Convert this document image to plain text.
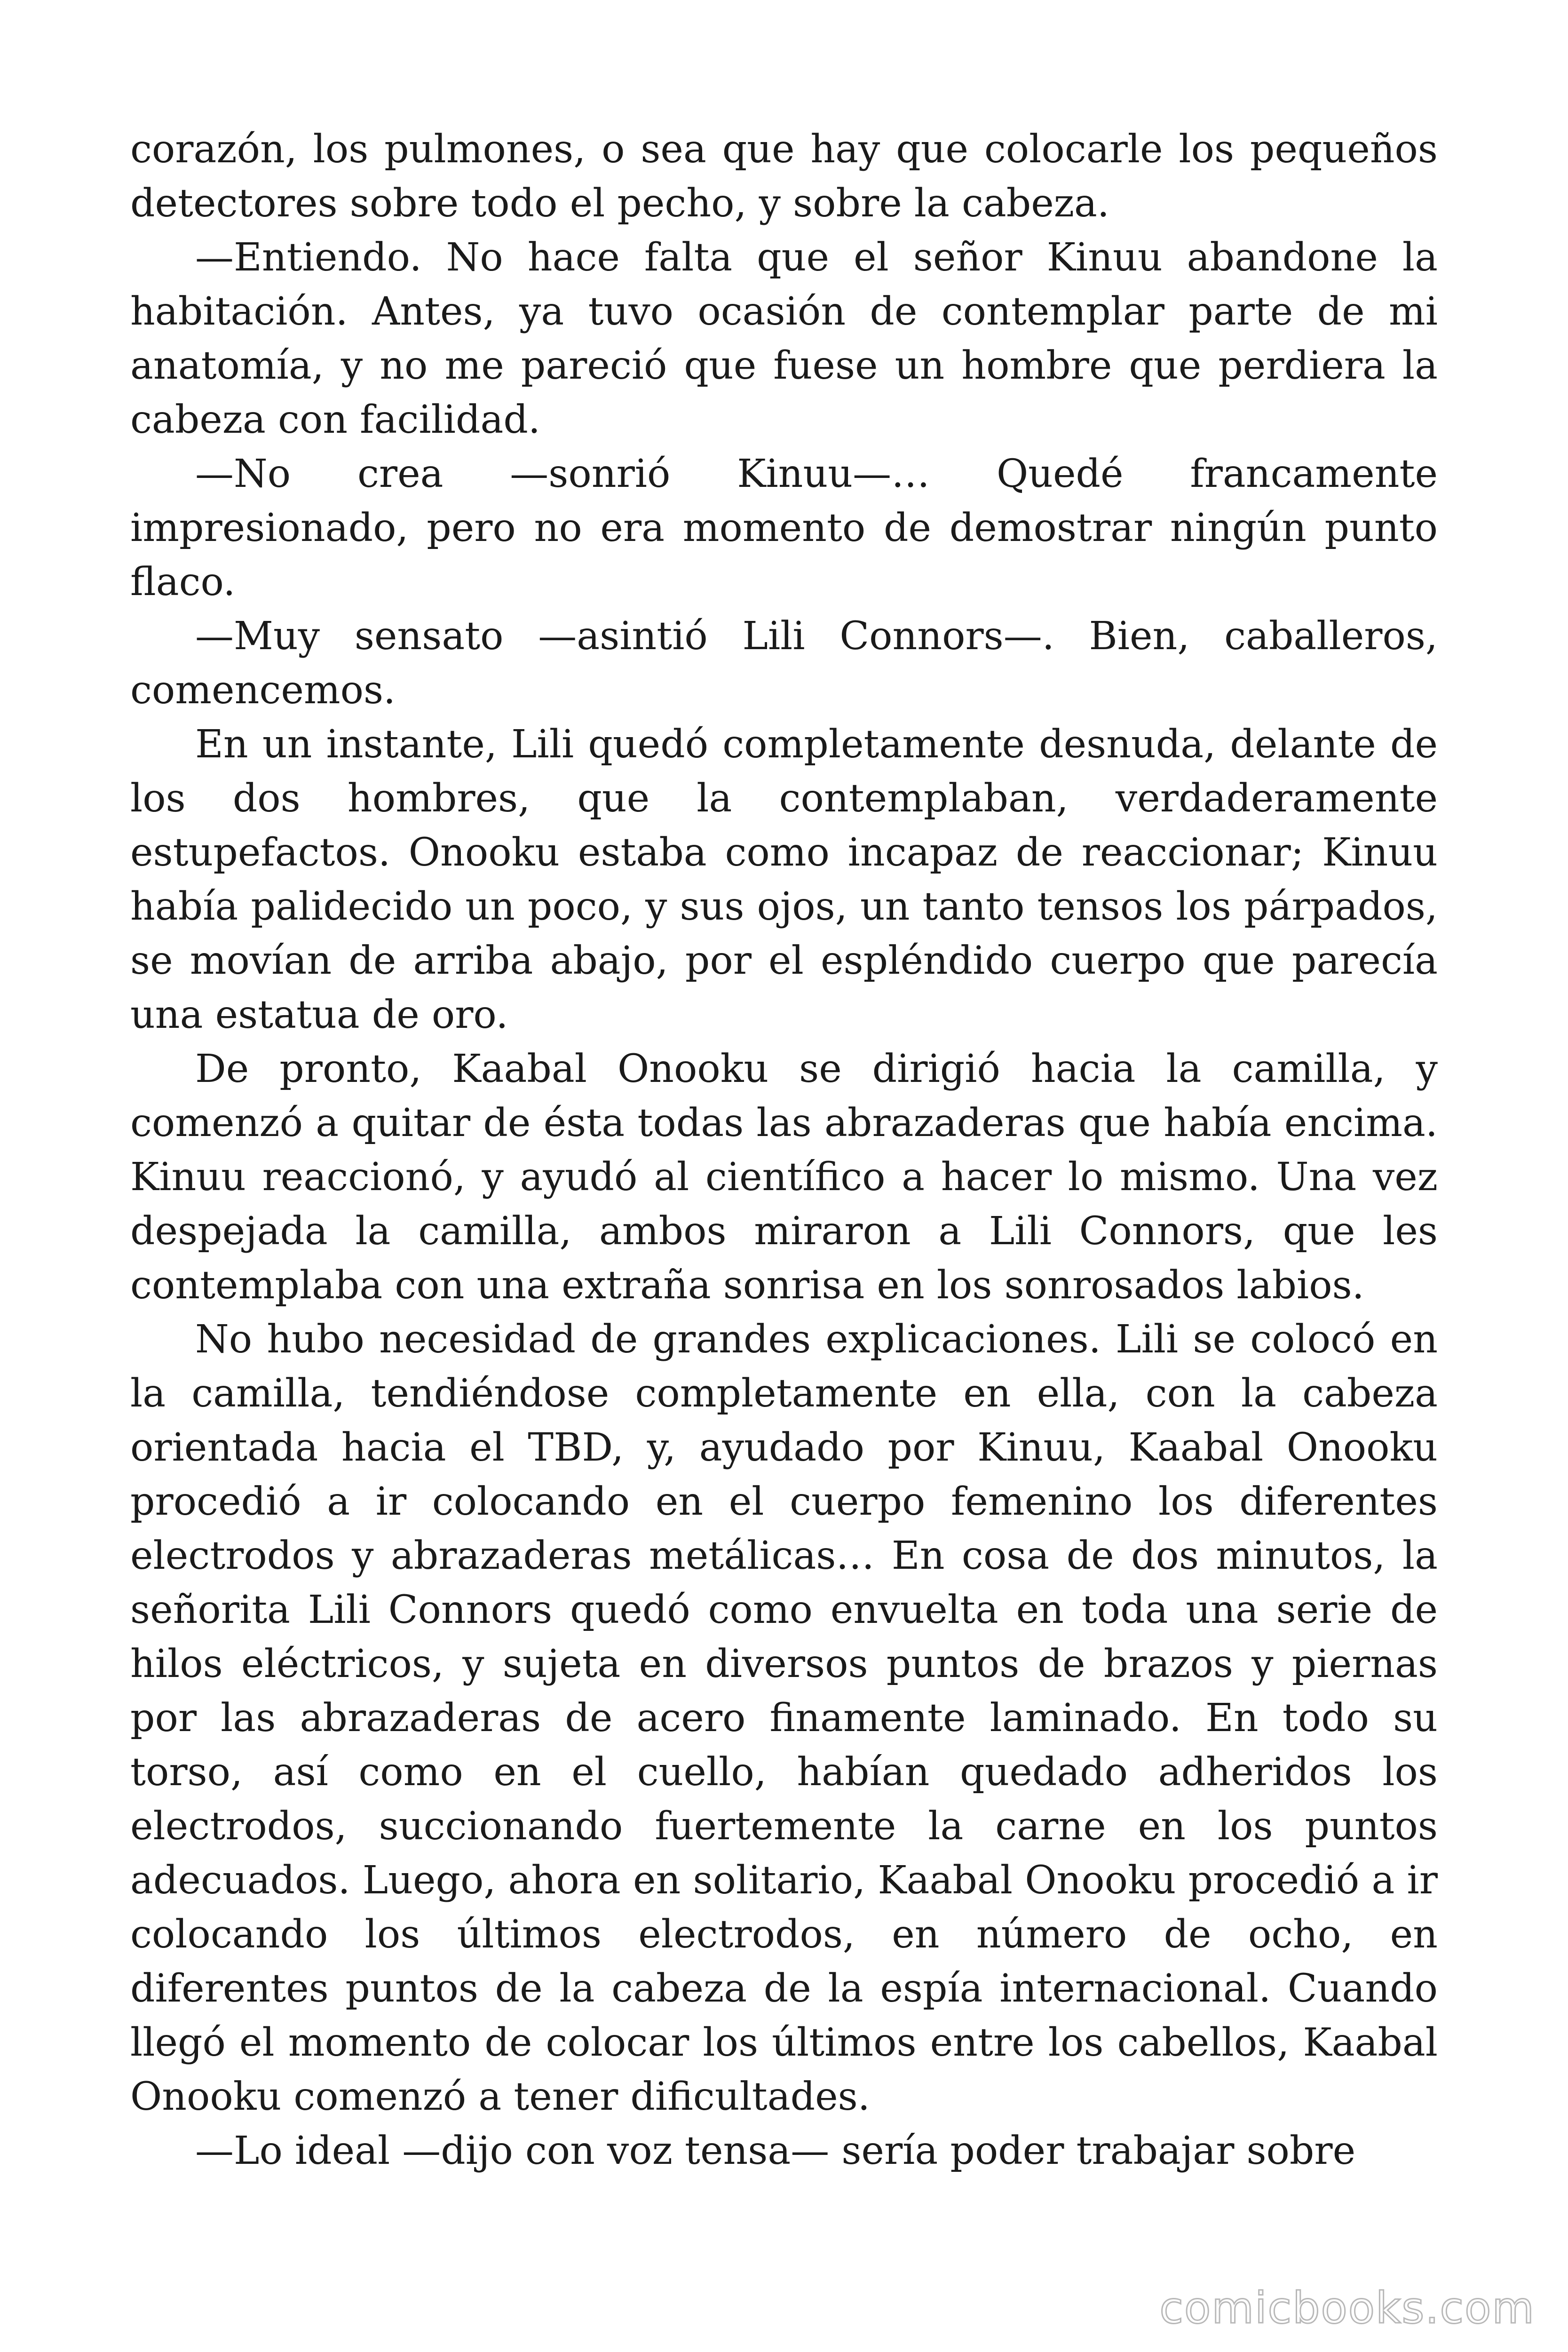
corazón, los pulmones, o sea que hay que colocarle los pequeños detectores sobre todo el pecho, y sobre la cabeza.

—Entiendo. No hace falta que el señor Kinuu abandone la habitación. Antes, ya tuvo ocasión de contemplar parte de mi anatomía, y no me pareció que fuese un hombre que perdiera la cabeza con facilidad.

—No crea —sonrió Kinuu—… Quedé francamente impresionado, pero no era momento de demostrar ningún punto flaco.

—Muy sensato —asintió Lili Connors—. Bien, caballeros, comencemos.

En un instante, Lili quedó completamente desnuda, delante de los dos hombres, que la contemplaban, verdaderamente estupefactos. Onooku estaba como incapaz de reaccionar; Kinuu había palidecido un poco, y sus ojos, un tanto tensos los párpados, se movían de arriba abajo, por el espléndido cuerpo que parecía una estatua de oro.

De pronto, Kaabal Onooku se dirigió hacia la camilla, y comenzó a quitar de ésta todas las abrazaderas que había encima. Kinuu reaccionó, y ayudó al científico a hacer lo mismo. Una vez despejada la camilla, ambos miraron a Lili Connors, que les contemplaba con una extraña sonrisa en los sonrosados labios.

No hubo necesidad de grandes explicaciones. Lili se colocó en la camilla, tendiéndose completamente en ella, con la cabeza orientada hacia el TBD, y, ayudado por Kinuu, Kaabal Onooku procedió a ir colocando en el cuerpo femenino los diferentes electrodos y abrazaderas metálicas… En cosa de dos minutos, la señorita Lili Connors quedó como envuelta en toda una serie de hilos eléctricos, y sujeta en diversos puntos de brazos y piernas por las abrazaderas de acero finamente laminado. En todo su torso, así como en el cuello, habían quedado adheridos los electrodos, succionando fuertemente la carne en los puntos adecuados. Luego, ahora en solitario, Kaabal Onooku procedió a ir colocando los últimos electrodos, en número de ocho, en diferentes puntos de la cabeza de la espía internacional. Cuando llegó el momento de colocar los últimos entre los cabellos, Kaabal Onooku comenzó a tener dificultades.

—Lo ideal —dijo con voz tensa— sería poder trabajar sobre

comicbooks.com
